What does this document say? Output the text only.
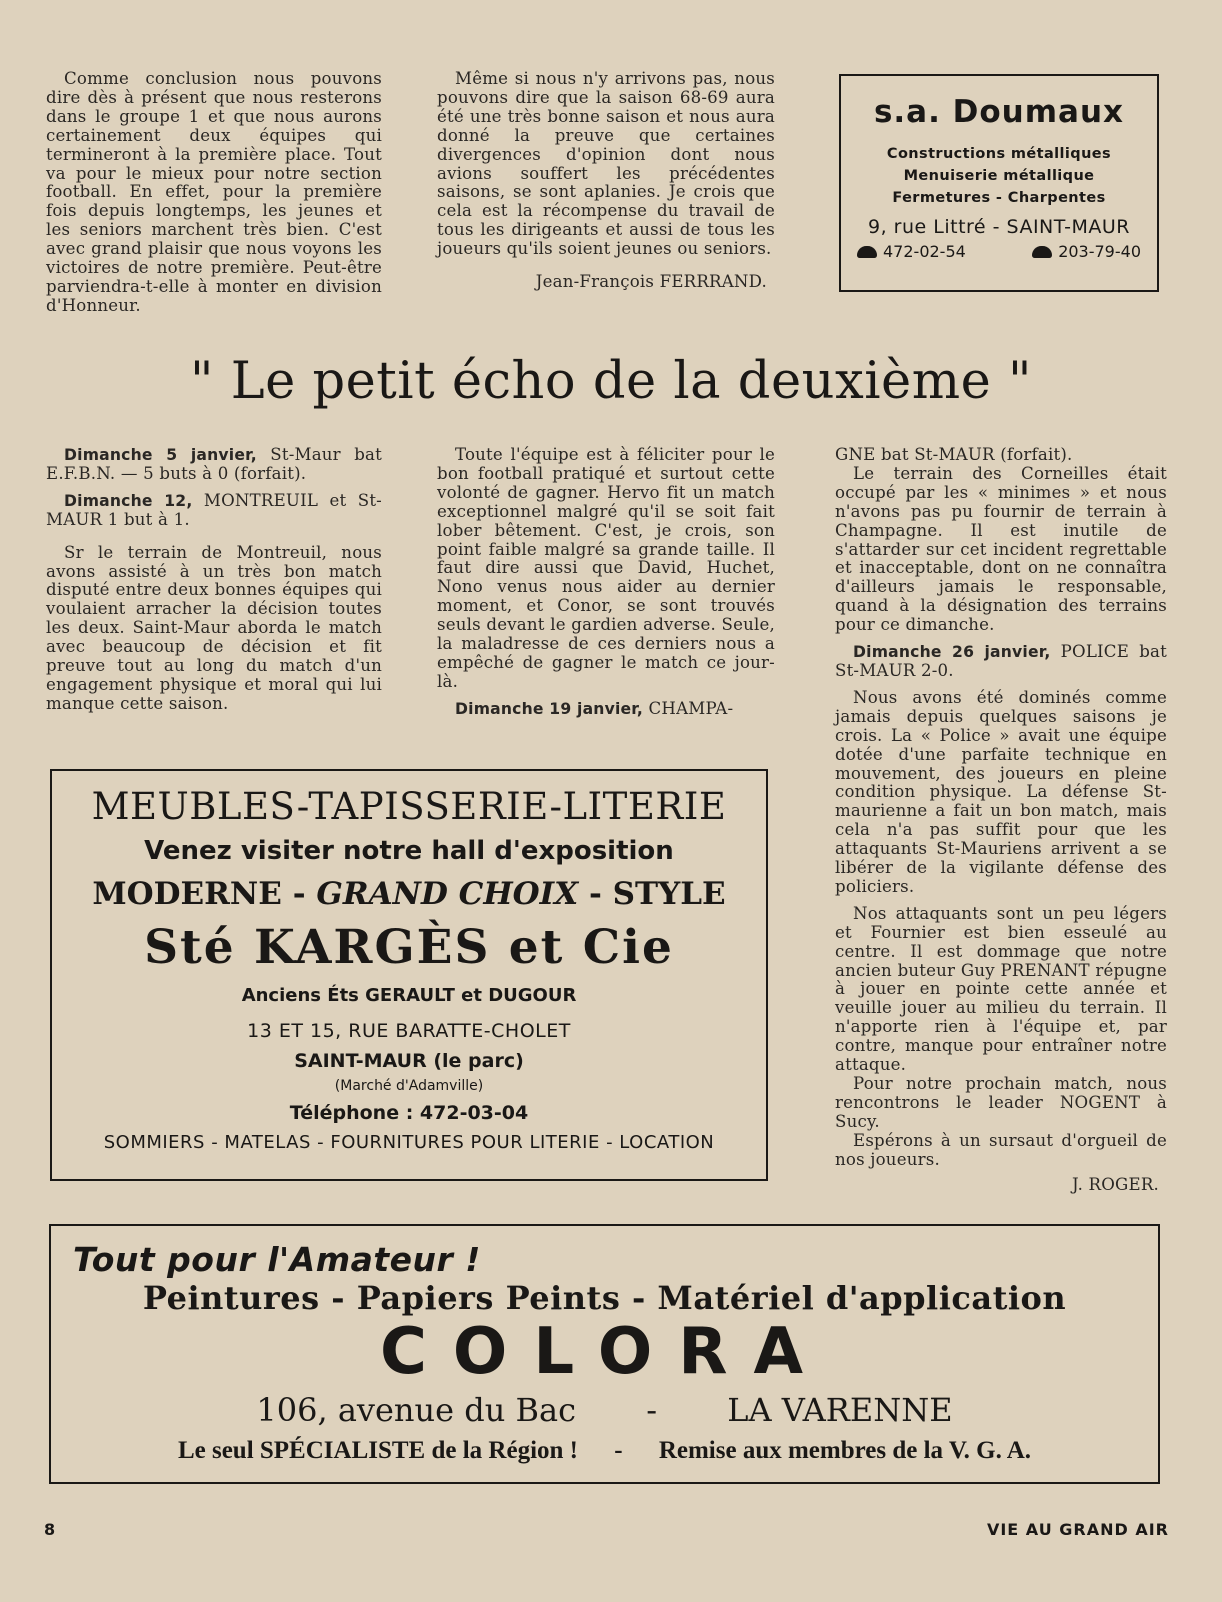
Comme conclusion nous pouvons dire dès à présent que nous resterons dans le groupe 1 et que nous aurons certainement deux équipes qui termineront à la première place. Tout va pour le mieux pour notre section football. En effet, pour la première fois depuis longtemps, les jeunes et les seniors marchent très bien. C'est avec grand plaisir que nous voyons les victoires de notre première. Peut-être parviendra-t-elle à monter en division d'Honneur.

Même si nous n'y arrivons pas, nous pouvons dire que la saison 68-69 aura été une très bonne saison et nous aura donné la preuve que certaines divergences d'opinion dont nous avions souffert les précédentes saisons, se sont aplanies. Je crois que cela est la récompense du travail de tous les dirigeants et aussi de tous les joueurs qu'ils soient jeunes ou seniors.

Jean-François FERRRAND.

s.a. Doumaux
Constructions métalliques
Menuiserie métallique
Fermetures - Charpentes
9, rue Littré - SAINT-MAUR
472-02-54	203-79-40
" Le petit écho de la deuxième "

Dimanche 5 janvier, St-Maur bat E.F.B.N. — 5 buts à 0 (forfait).

Dimanche 12, MONTREUIL et St-MAUR 1 but à 1.

Sr le terrain de Montreuil, nous avons assisté à un très bon match disputé entre deux bonnes équipes qui voulaient arracher la décision toutes les deux. Saint-Maur aborda le match avec beaucoup de décision et fit preuve tout au long du match d'un engagement physique et moral qui lui manque cette saison.

Toute l'équipe est à féliciter pour le bon football pratiqué et surtout cette volonté de gagner. Hervo fit un match exceptionnel malgré qu'il se soit fait lober bêtement. C'est, je crois, son point faible malgré sa grande taille. Il faut dire aussi que David, Huchet, Nono venus nous aider au dernier moment, et Conor, se sont trouvés seuls devant le gardien adverse. Seule, la maladresse de ces derniers nous a empêché de gagner le match ce jour-là.

Dimanche 19 janvier, CHAMPA-

GNE bat St-MAUR (forfait).

Le terrain des Corneilles était occupé par les « minimes » et nous n'avons pas pu fournir de terrain à Champagne. Il est inutile de s'attarder sur cet incident regrettable et inacceptable, dont on ne connaîtra d'ailleurs jamais le responsable, quand à la désignation des terrains pour ce dimanche.

Dimanche 26 janvier, POLICE bat St-MAUR 2-0.

Nous avons été dominés comme jamais depuis quelques saisons je crois. La « Police » avait une équipe dotée d'une parfaite technique en mouvement, des joueurs en pleine condition physique. La défense St-maurienne a fait un bon match, mais cela n'a pas suffit pour que les attaquants St-Mauriens arrivent a se libérer de la vigilante défense des policiers.

Nos attaquants sont un peu légers et Fournier est bien esseulé au centre. Il est dommage que notre ancien buteur Guy PRENANT répugne à jouer en pointe cette année et veuille jouer au milieu du terrain. Il n'apporte rien à l'équipe et, par contre, manque pour entraîner notre attaque.

Pour notre prochain match, nous rencontrons le leader NOGENT à Sucy.

Espérons à un sursaut d'orgueil de nos joueurs.

J. ROGER.

MEUBLES-TAPISSERIE-LITERIE
Venez visiter notre hall d'exposition
MODERNE - GRAND CHOIX - STYLE
Sté KARGÈS et Cie
Anciens Éts GERAULT et DUGOUR
13 ET 15, RUE BARATTE-CHOLET
SAINT-MAUR (le parc)
(Marché d'Adamville)
Téléphone : 472-03-04
SOMMIERS - MATELAS - FOURNITURES POUR LITERIE - LOCATION
Tout pour l'Amateur !
Peintures - Papiers Peints - Matériel d'application
COLORA
106, avenue du Bac - LA VARENNE
Le seul SPÉCIALISTE de la Région ! - Remise aux membres de la V. G. A.
8	VIE AU GRAND AIR
